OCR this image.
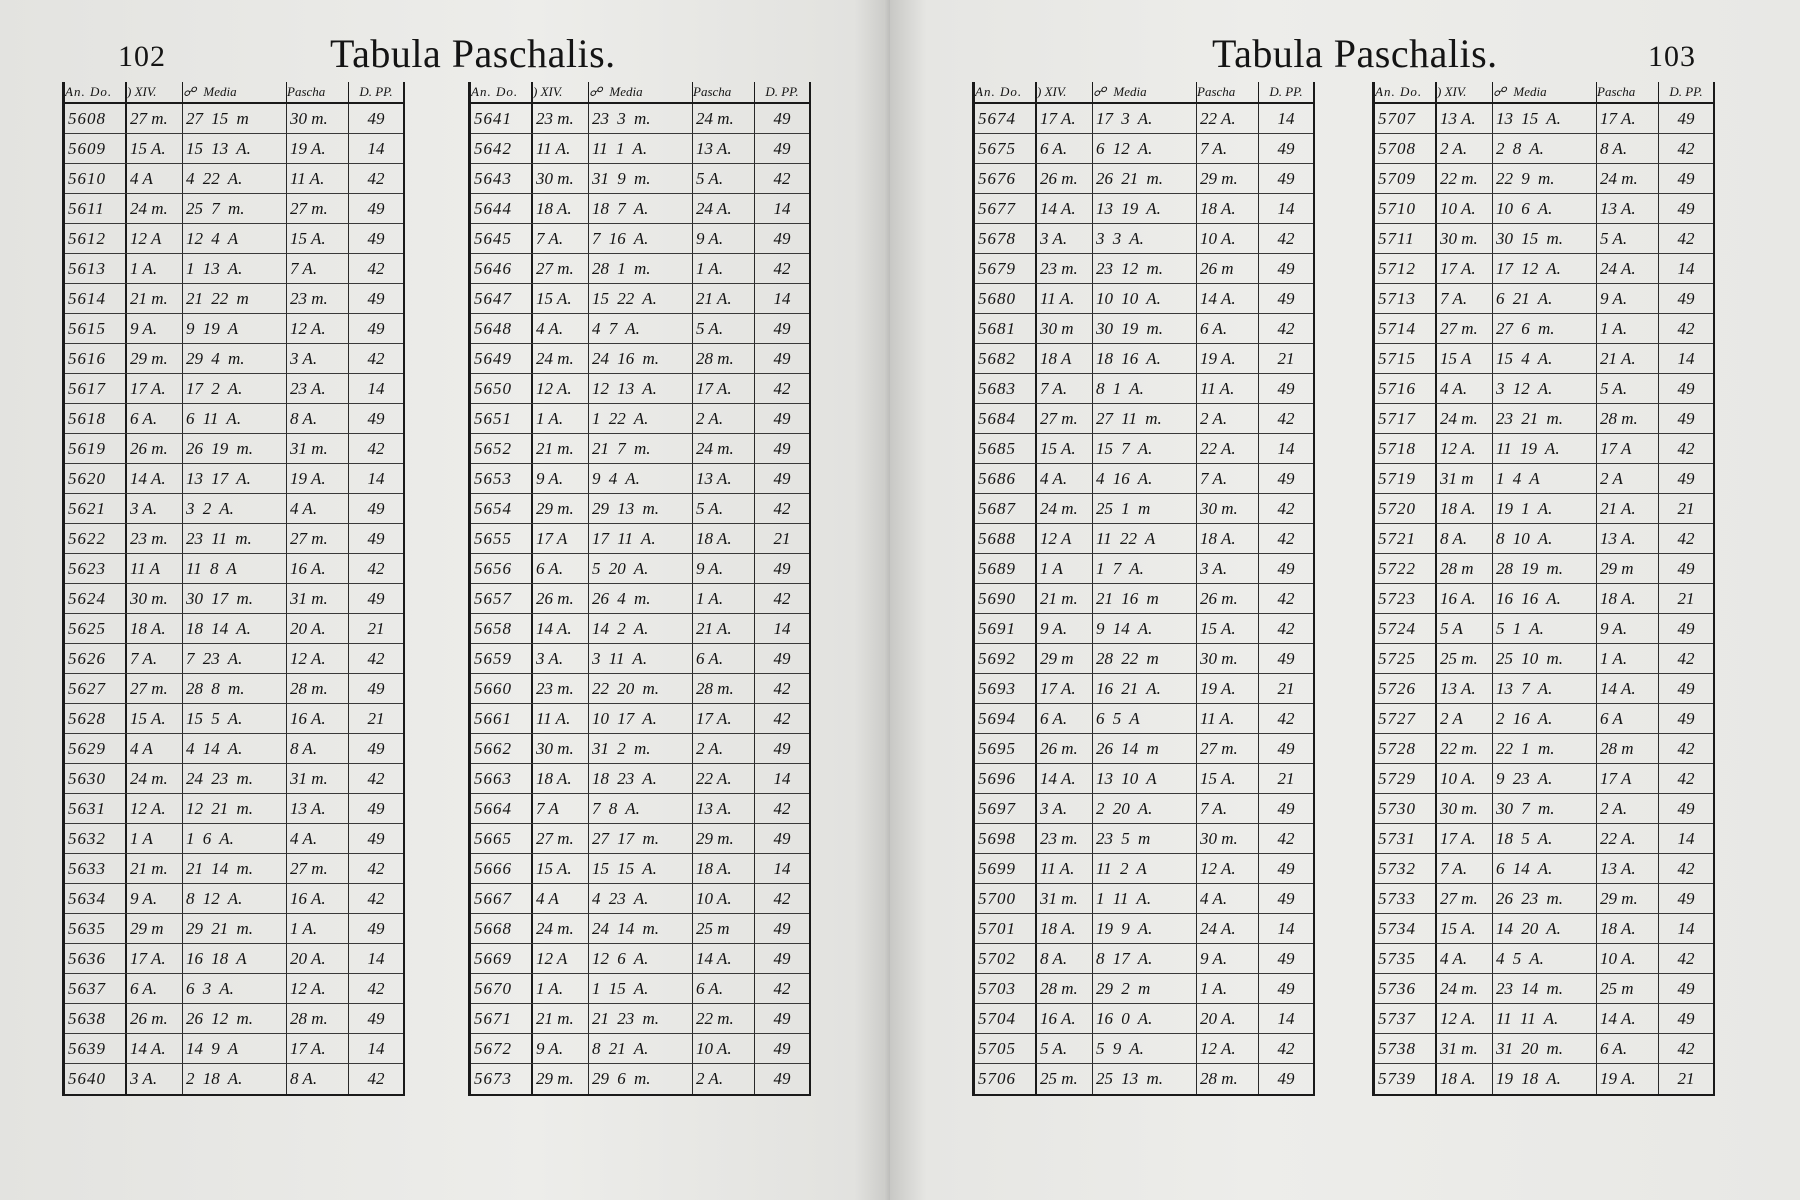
102	Tabula Paschalis.
An. Do.	) XIV.	☍ Media	Pascha	D. PP.
5608	27 m.	27 15 m	30 m.	49
5609	15 A.	15 13 A.	19 A.	14
5610	4 A	4 22 A.	11 A.	42
5611	24 m.	25 7 m.	27 m.	49
5612	12 A	12 4 A	15 A.	49
5613	1 A.	1 13 A.	7 A.	42
5614	21 m.	21 22 m	23 m.	49
5615	9 A.	9 19 A	12 A.	49
5616	29 m.	29 4 m.	3 A.	42
5617	17 A.	17 2 A.	23 A.	14
5618	6 A.	6 11 A.	8 A.	49
5619	26 m.	26 19 m.	31 m.	42
5620	14 A.	13 17 A.	19 A.	14
5621	3 A.	3 2 A.	4 A.	49
5622	23 m.	23 11 m.	27 m.	49
5623	11 A	11 8 A	16 A.	42
5624	30 m.	30 17 m.	31 m.	49
5625	18 A.	18 14 A.	20 A.	21
5626	7 A.	7 23 A.	12 A.	42
5627	27 m.	28 8 m.	28 m.	49
5628	15 A.	15 5 A.	16 A.	21
5629	4 A	4 14 A.	8 A.	49
5630	24 m.	24 23 m.	31 m.	42
5631	12 A.	12 21 m.	13 A.	49
5632	1 A	1 6 A.	4 A.	49
5633	21 m.	21 14 m.	27 m.	42
5634	9 A.	8 12 A.	16 A.	42
5635	29 m	29 21 m.	1 A.	49
5636	17 A.	16 18 A	20 A.	14
5637	6 A.	6 3 A.	12 A.	42
5638	26 m.	26 12 m.	28 m.	49
5639	14 A.	14 9 A	17 A.	14
5640	3 A.	2 18 A.	8 A.	42
An. Do.	) XIV.	☍ Media	Pascha	D. PP.
5641	23 m.	23 3 m.	24 m.	49
5642	11 A.	11 1 A.	13 A.	49
5643	30 m.	31 9 m.	5 A.	42
5644	18 A.	18 7 A.	24 A.	14
5645	7 A.	7 16 A.	9 A.	49
5646	27 m.	28 1 m.	1 A.	42
5647	15 A.	15 22 A.	21 A.	14
5648	4 A.	4 7 A.	5 A.	49
5649	24 m.	24 16 m.	28 m.	49
5650	12 A.	12 13 A.	17 A.	42
5651	1 A.	1 22 A.	2 A.	49
5652	21 m.	21 7 m.	24 m.	49
5653	9 A.	9 4 A.	13 A.	49
5654	29 m.	29 13 m.	5 A.	42
5655	17 A	17 11 A.	18 A.	21
5656	6 A.	5 20 A.	9 A.	49
5657	26 m.	26 4 m.	1 A.	42
5658	14 A.	14 2 A.	21 A.	14
5659	3 A.	3 11 A.	6 A.	49
5660	23 m.	22 20 m.	28 m.	42
5661	11 A.	10 17 A.	17 A.	42
5662	30 m.	31 2 m.	2 A.	49
5663	18 A.	18 23 A.	22 A.	14
5664	7 A	7 8 A.	13 A.	42
5665	27 m.	27 17 m.	29 m.	49
5666	15 A.	15 15 A.	18 A.	14
5667	4 A	4 23 A.	10 A.	42
5668	24 m.	24 14 m.	25 m	49
5669	12 A	12 6 A.	14 A.	49
5670	1 A.	1 15 A.	6 A.	42
5671	21 m.	21 23 m.	22 m.	49
5672	9 A.	8 21 A.	10 A.	49
5673	29 m.	29 6 m.	2 A.	49
Tabula Paschalis.	103
An. Do.	) XIV.	☍ Media	Pascha	D. PP.
5674	17 A.	17 3 A.	22 A.	14
5675	6 A.	6 12 A.	7 A.	49
5676	26 m.	26 21 m.	29 m.	49
5677	14 A.	13 19 A.	18 A.	14
5678	3 A.	3 3 A.	10 A.	42
5679	23 m.	23 12 m.	26 m	49
5680	11 A.	10 10 A.	14 A.	49
5681	30 m	30 19 m.	6 A.	42
5682	18 A	18 16 A.	19 A.	21
5683	7 A.	8 1 A.	11 A.	49
5684	27 m.	27 11 m.	2 A.	42
5685	15 A.	15 7 A.	22 A.	14
5686	4 A.	4 16 A.	7 A.	49
5687	24 m.	25 1 m	30 m.	42
5688	12 A	11 22 A	18 A.	42
5689	1 A	1 7 A.	3 A.	49
5690	21 m.	21 16 m	26 m.	42
5691	9 A.	9 14 A.	15 A.	42
5692	29 m	28 22 m	30 m.	49
5693	17 A.	16 21 A.	19 A.	21
5694	6 A.	6 5 A	11 A.	42
5695	26 m.	26 14 m	27 m.	49
5696	14 A.	13 10 A	15 A.	21
5697	3 A.	2 20 A.	7 A.	49
5698	23 m.	23 5 m	30 m.	42
5699	11 A.	11 2 A	12 A.	49
5700	31 m.	1 11 A.	4 A.	49
5701	18 A.	19 9 A.	24 A.	14
5702	8 A.	8 17 A.	9 A.	49
5703	28 m.	29 2 m	1 A.	49
5704	16 A.	16 0 A.	20 A.	14
5705	5 A.	5 9 A.	12 A.	42
5706	25 m.	25 13 m.	28 m.	49
An. Do.	) XIV.	☍ Media	Pascha	D. PP.
5707	13 A.	13 15 A.	17 A.	49
5708	2 A.	2 8 A.	8 A.	42
5709	22 m.	22 9 m.	24 m.	49
5710	10 A.	10 6 A.	13 A.	49
5711	30 m.	30 15 m.	5 A.	42
5712	17 A.	17 12 A.	24 A.	14
5713	7 A.	6 21 A.	9 A.	49
5714	27 m.	27 6 m.	1 A.	42
5715	15 A	15 4 A.	21 A.	14
5716	4 A.	3 12 A.	5 A.	49
5717	24 m.	23 21 m.	28 m.	49
5718	12 A.	11 19 A.	17 A	42
5719	31 m	1 4 A	2 A	49
5720	18 A.	19 1 A.	21 A.	21
5721	8 A.	8 10 A.	13 A.	42
5722	28 m	28 19 m.	29 m	49
5723	16 A.	16 16 A.	18 A.	21
5724	5 A	5 1 A.	9 A.	49
5725	25 m.	25 10 m.	1 A.	42
5726	13 A.	13 7 A.	14 A.	49
5727	2 A	2 16 A.	6 A	49
5728	22 m.	22 1 m.	28 m	42
5729	10 A.	9 23 A.	17 A	42
5730	30 m.	30 7 m.	2 A.	49
5731	17 A.	18 5 A.	22 A.	14
5732	7 A.	6 14 A.	13 A.	42
5733	27 m.	26 23 m.	29 m.	49
5734	15 A.	14 20 A.	18 A.	14
5735	4 A.	4 5 A.	10 A.	42
5736	24 m.	23 14 m.	25 m	49
5737	12 A.	11 11 A.	14 A.	49
5738	31 m.	31 20 m.	6 A.	42
5739	18 A.	19 18 A.	19 A.	21
